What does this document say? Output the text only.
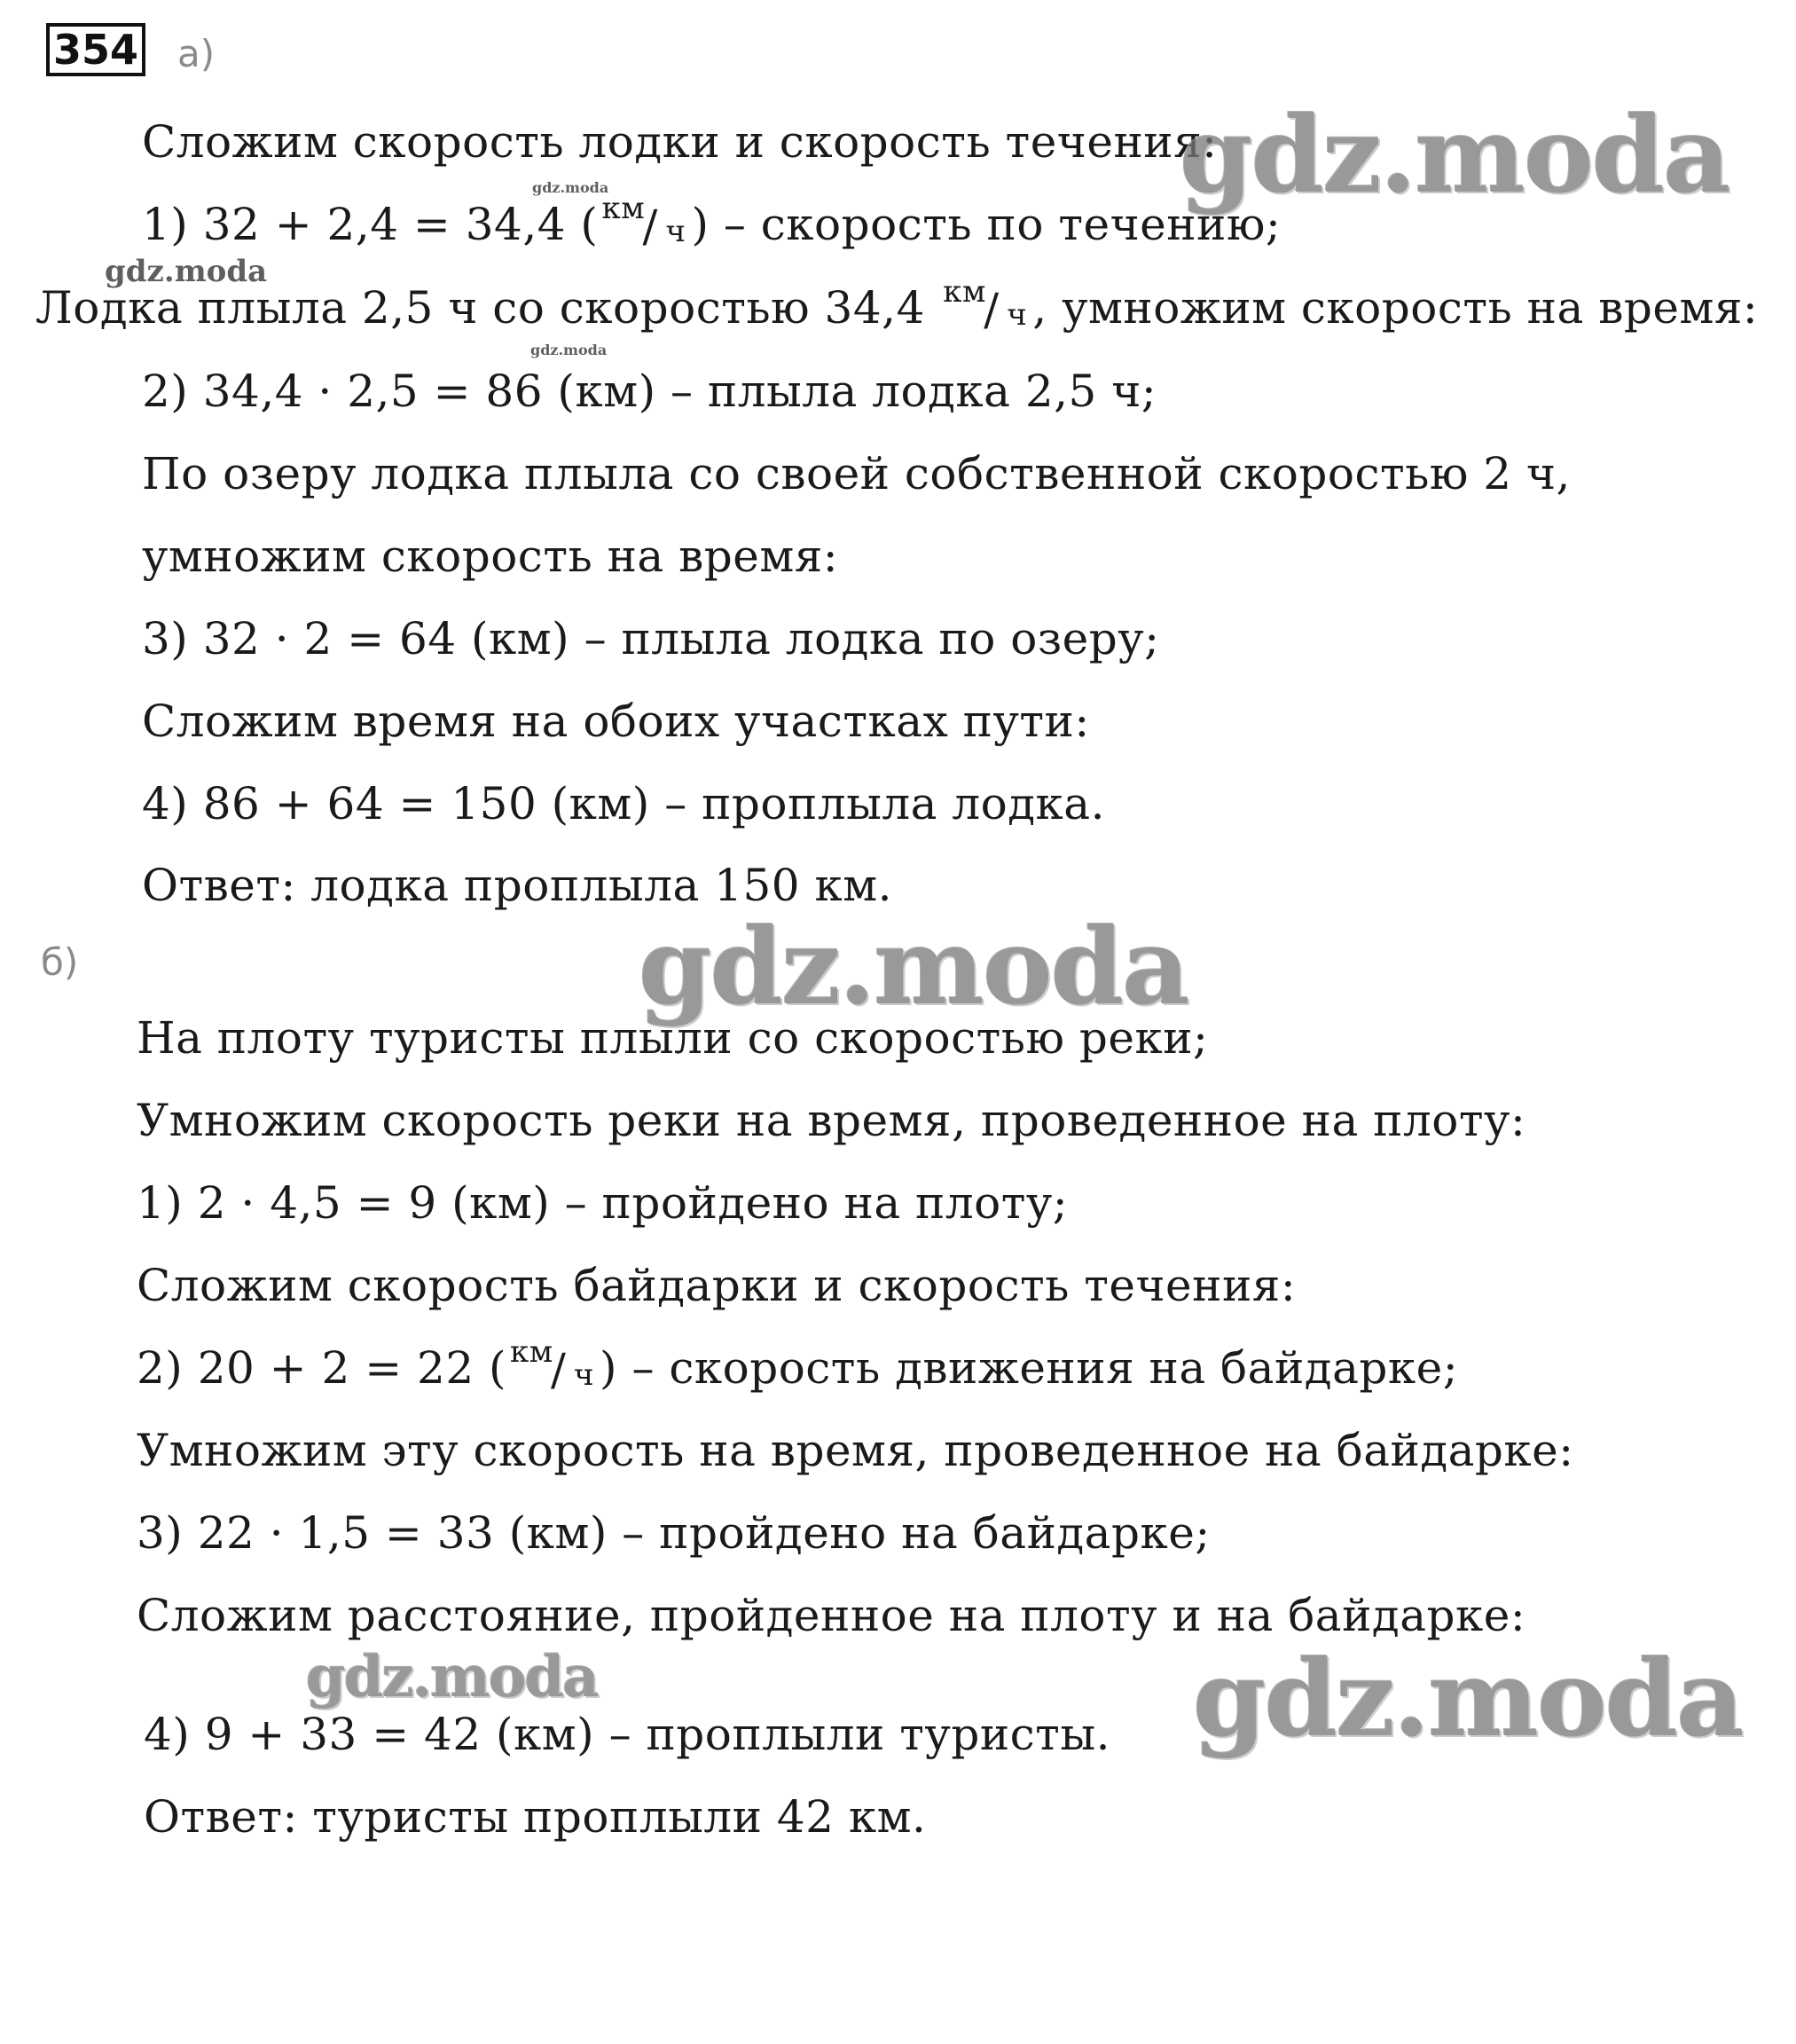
354 а)
Сложим скорость лодки и скорость течения:
1) 32 + 2,4 = 34,4 ( км
/ ч ) – скорость по течению;
Лодка плыла 2,5 ч со скоростью 34,4 км
/ ч , умножим скорость на время:
2) 34,4 · 2,5 = 86 (км) – плыла лодка 2,5 ч;
По озеру лодка плыла со своей собственной скоростью 2 ч,
умножим скорость на время:
3) 32 · 2 = 64 (км) – плыла лодка по озеру;
Сложим время на обоих участках пути:
4) 86 + 64 = 150 (км) – проплыла лодка.
Ответ: лодка проплыла 150 км.
б)
На плоту туристы плыли со скоростью реки;
Умножим скорость реки на время, проведенное на плоту:
1) 2 · 4,5 = 9 (км) – пройдено на плоту;
Сложим скорость байдарки и скорость течения:
2) 20 + 2 = 22 ( км
/ ч ) – скорость движения на байдарке;
Умножим эту скорость на время, проведенное на байдарке:
3) 22 · 1,5 = 33 (км) – пройдено на байдарке;
Сложим расстояние, пройденное на плоту и на байдарке:
4) 9 + 33 = 42 (км) – проплыли туристы.
Ответ: туристы проплыли 42 км.
gdz.moda
gdz.moda
gdz.moda
gdz.moda
gdz.moda
gdz.moda
gdz.moda
